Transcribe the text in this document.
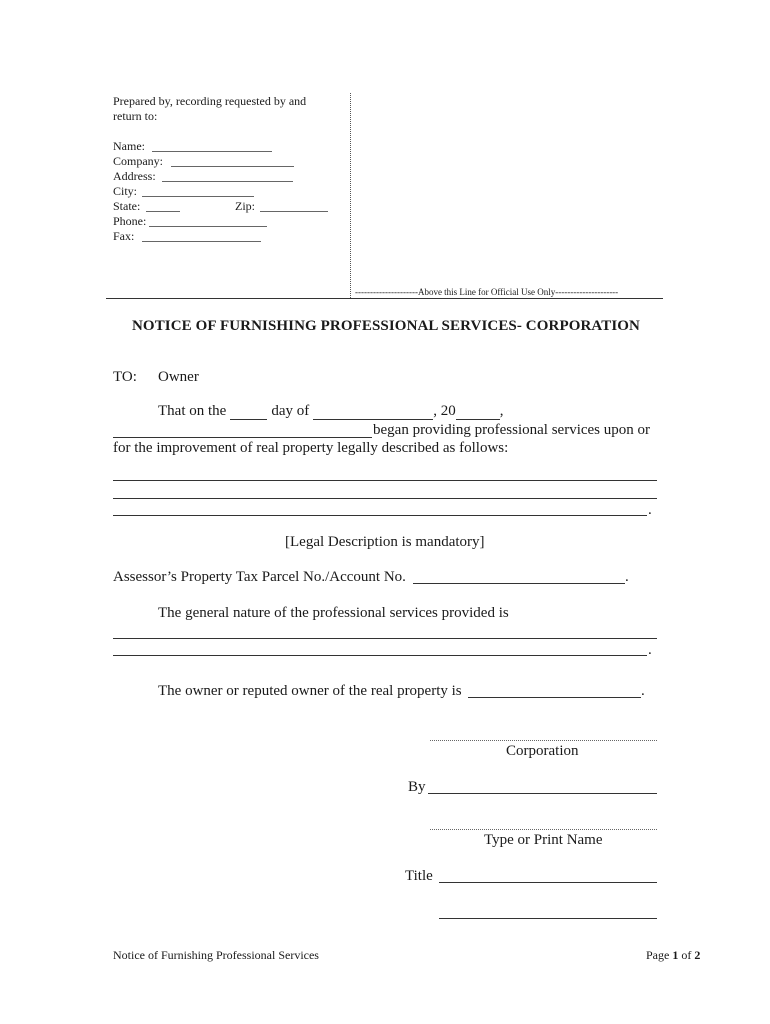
Prepared by, recording requested by and
return to:
Name:
Company:
Address:
City:
State:	Zip:
Phone:
Fax:
---------------------Above this Line for Official Use Only---------------------
NOTICE OF FURNISHING PROFESSIONAL SERVICES- CORPORATION
TO: Owner
That on the	day of	, 20	,
began providing professional services upon or
for the improvement of real property legally described as follows:
.
[Legal Description is mandatory]
Assessor’s Property Tax Parcel No./Account No.	.
The general nature of the professional services provided is
.
The owner or reputed owner of the real property is	.
Corporation
By
Type or Print Name
Title
Notice of Furnishing Professional Services	Page 1 of 2
